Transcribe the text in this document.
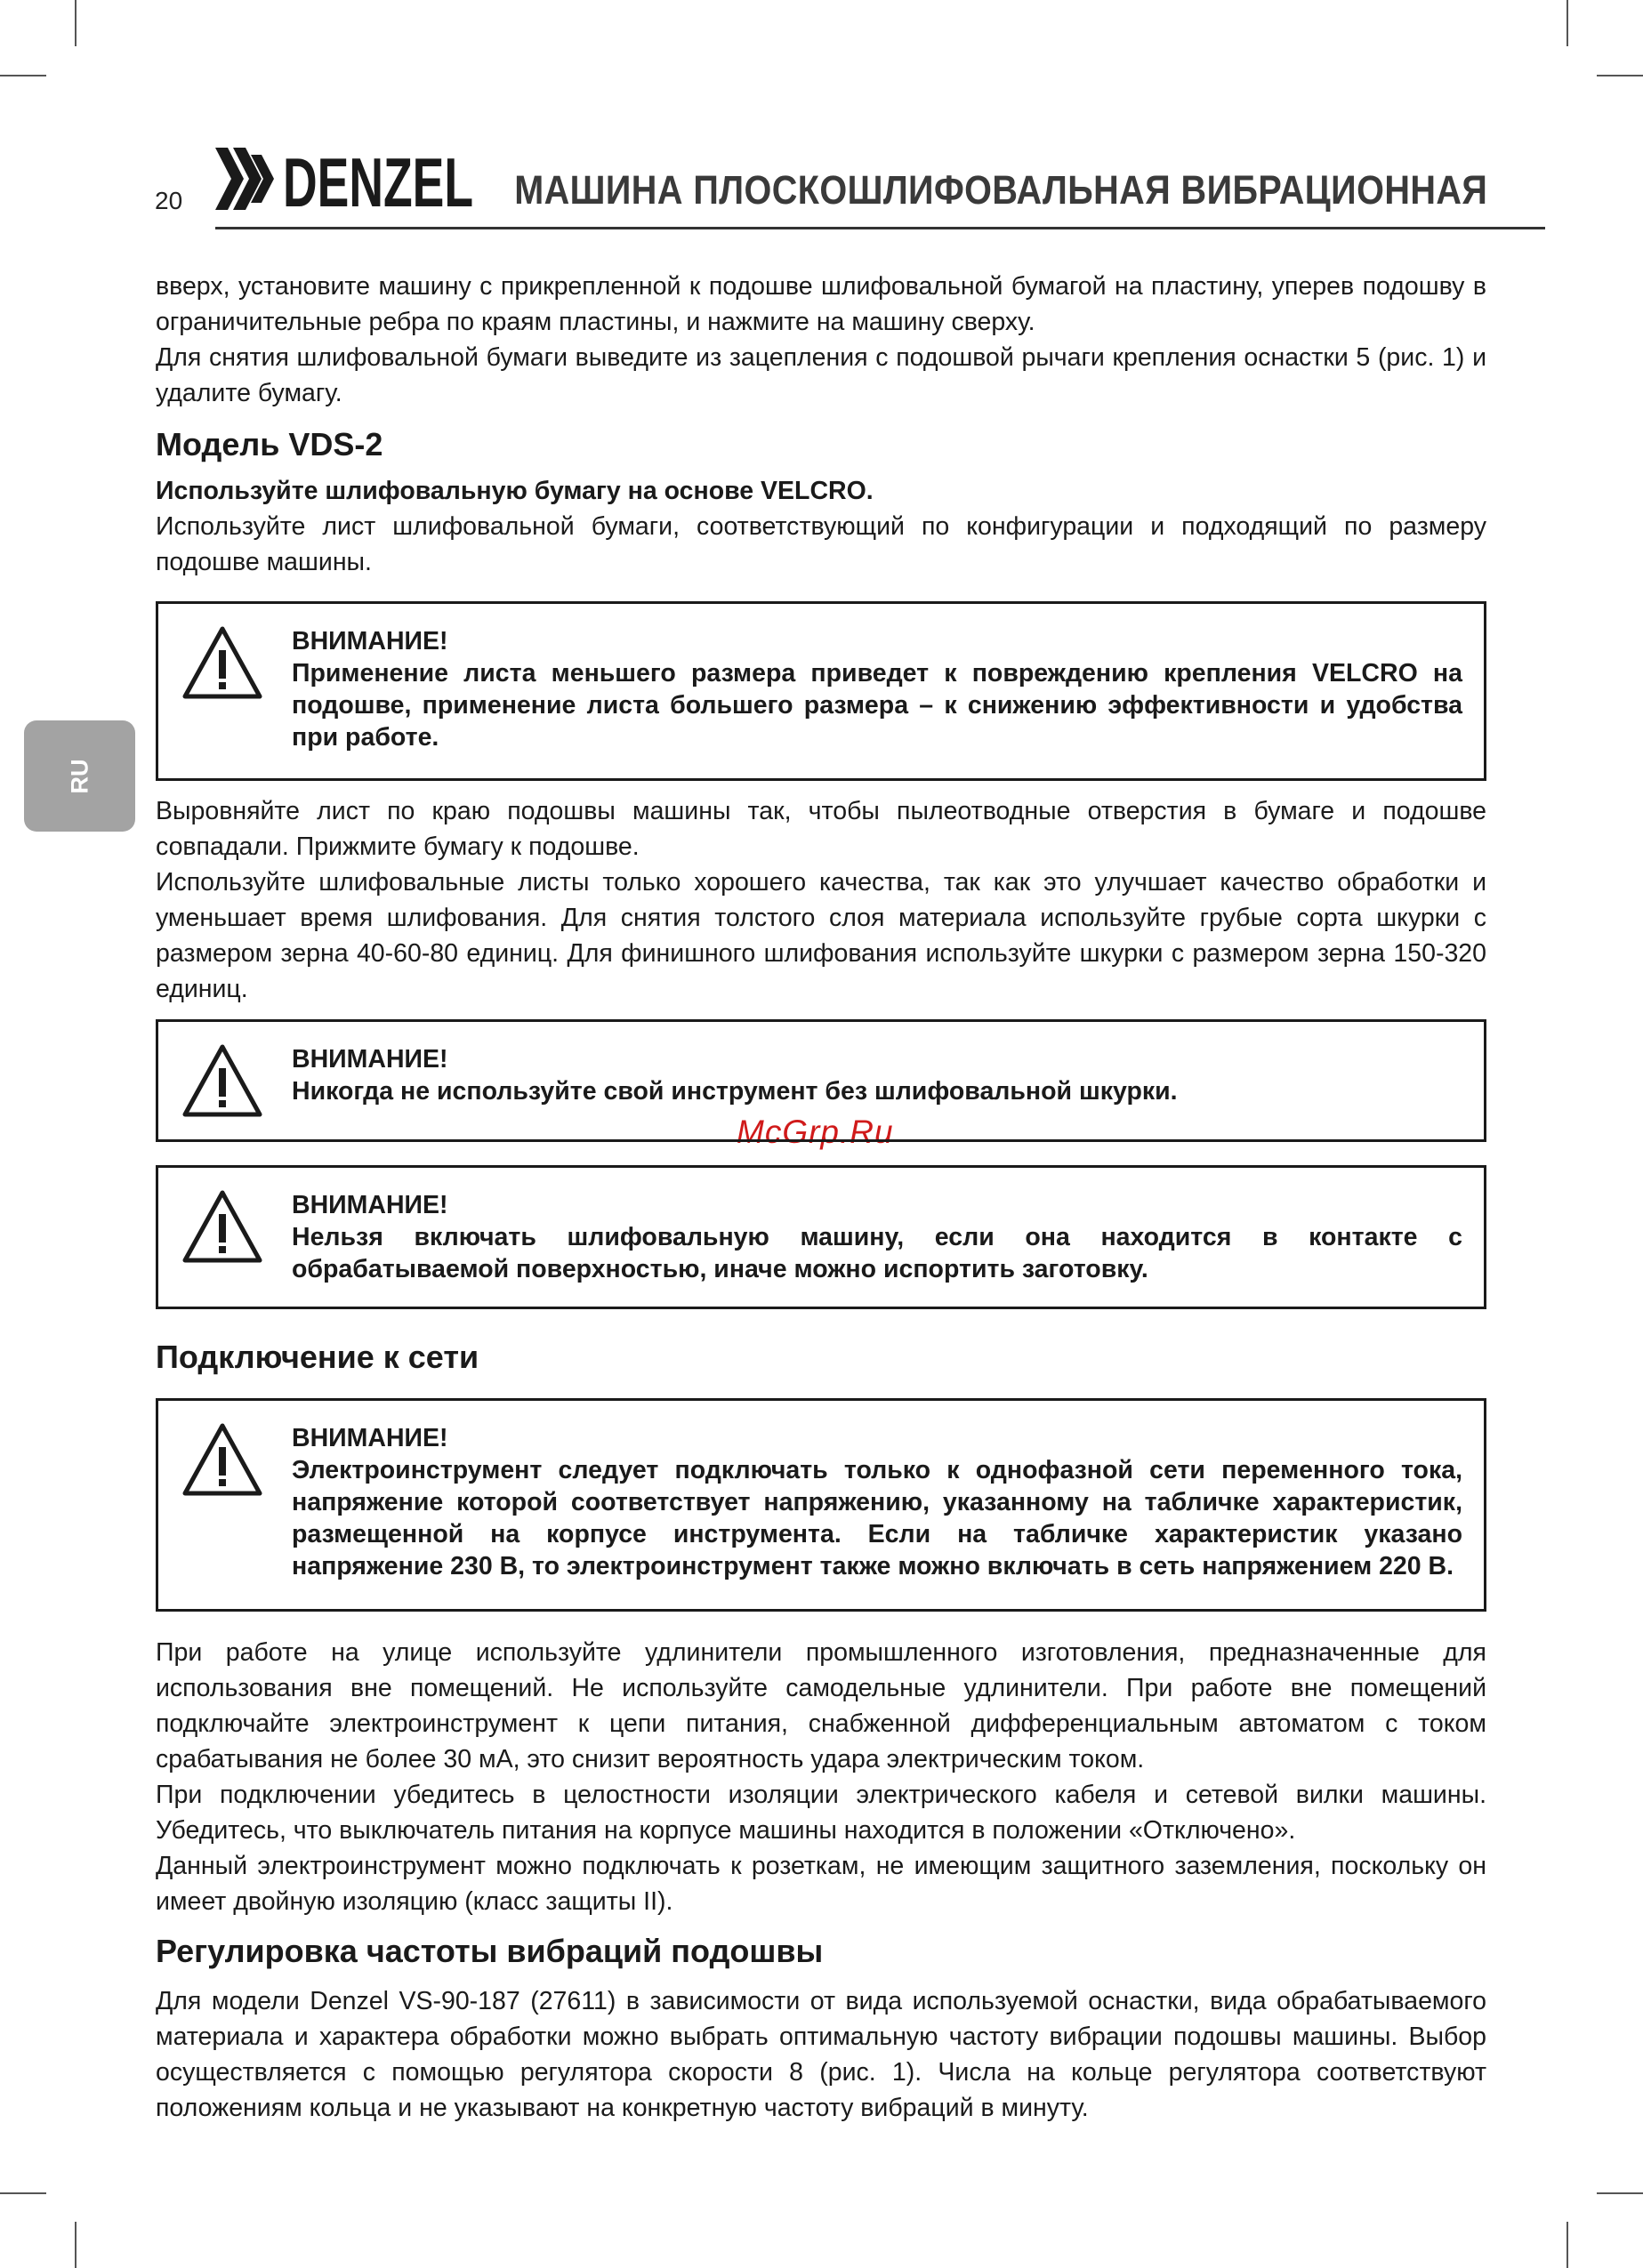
20 DENZEL МАШИНА ПЛОСКОШЛИФОВАЛЬНАЯ ВИБРАЦИОННАЯ
RU
McGrp.Ru

вверх, установите машину с прикрепленной к подошве шлифовальной бумагой на пластину, уперев подошву в ограничительные ребра по краям пластины, и нажмите на машину сверху.

Для снятия шлифовальной бумаги выведите из зацепления с подошвой рычаги крепления оснастки 5 (рис. 1) и удалите бумагу.

Модель VDS-2

Используйте шлифовальную бумагу на основе VELCRO.

Используйте лист шлифовальной бумаги, соответствующий по конфигурации и подходящий по размеру подошве машины.

ВНИМАНИЕ!
Применение листа меньшего размера приведет к повреждению крепления VELCRO на подошве, применение листа большего размера – к снижению эффективности и удобства при работе.

Выровняйте лист по краю подошвы машины так, чтобы пылеотводные отверстия в бумаге и подошве совпадали. Прижмите бумагу к подошве.

Используйте шлифовальные листы только хорошего качества, так как это улучшает качество обработки и уменьшает время шлифования. Для снятия толстого слоя материала используйте грубые сорта шкурки с размером зерна 40-60-80 единиц. Для финишного шлифования используйте шкурки с размером зерна 150-320 единиц.

ВНИМАНИЕ!
Никогда не используйте свой инструмент без шлифовальной шкурки.
ВНИМАНИЕ!
Нельзя включать шлифовальную машину, если она находится в контакте с обрабатываемой поверхностью, иначе можно испортить заготовку.
Подключение к сети
ВНИМАНИЕ!
Электроинструмент следует подключать только к однофазной сети переменного тока, напряжение которой соответствует напряжению, указанному на табличке характеристик, размещенной на корпусе инструмента. Если на табличке характеристик указано напряжение 230 В, то электроинструмент также можно включать в сеть напряжением 220 В.

При работе на улице используйте удлинители промышленного изготовления, предназначенные для использования вне помещений. Не используйте самодельные удлинители. При работе вне помещений подключайте электроинструмент к цепи питания, снабженной дифференциальным автоматом с током срабатывания не более 30 мА, это снизит вероятность удара электрическим током.

При подключении убедитесь в целостности изоляции электрического кабеля и сетевой вилки машины. Убедитесь, что выключатель питания на корпусе машины находится в положении «Отключено».

Данный электроинструмент можно подключать к розеткам, не имеющим защитного заземления, поскольку он имеет двойную изоляцию (класс защиты II).

Регулировка частоты вибраций подошвы

Для модели Denzel VS-90-187 (27611) в зависимости от вида используемой оснастки, вида обрабатываемого материала и характера обработки можно выбрать оптимальную частоту вибрации подошвы машины. Выбор осуществляется с помощью регулятора скорости 8 (рис. 1). Числа на кольце регулятора соответствуют положениям кольца и не указывают на конкретную частоту вибраций в минуту.
